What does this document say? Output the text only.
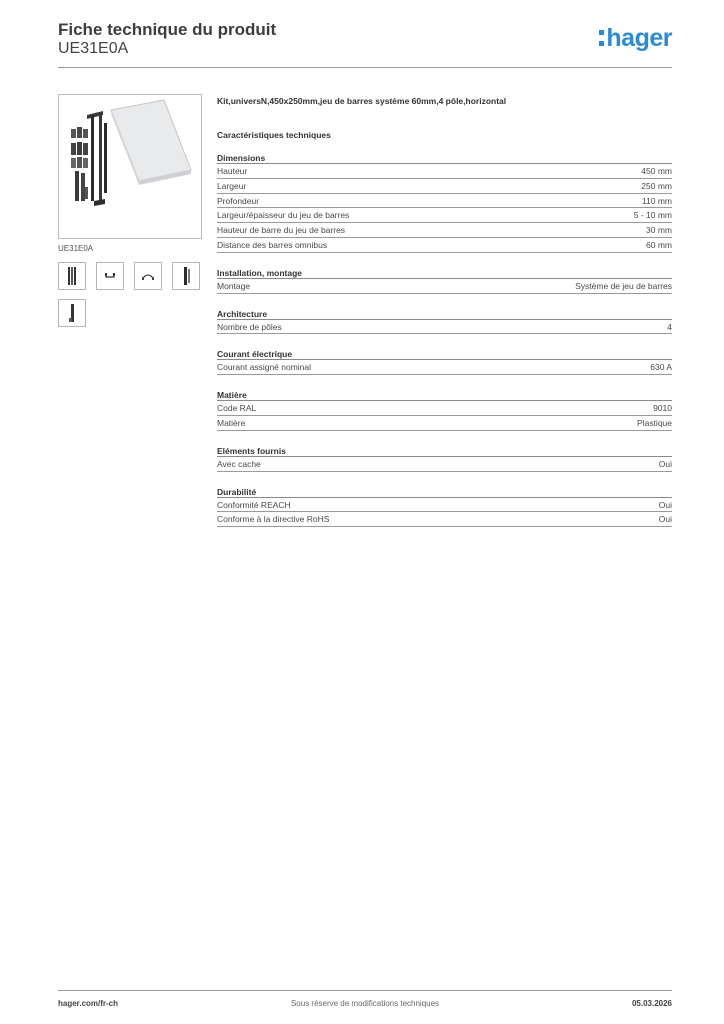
Fiche technique du produit
UE31E0A	hager
UE31E0A
Kit,universN,450x250mm,jeu de barres système 60mm,4 pôle,horizontal
Caractéristiques techniques
Dimensions
Hauteur	450 mm
Largeur	250 mm
Profondeur	110 mm
Largeur/épaisseur du jeu de barres	5 - 10 mm
Hauteur de barre du jeu de barres	30 mm
Distance des barres omnibus	60 mm
Installation, montage
Montage	Système de jeu de barres
Architecture
Nombre de pôles	4
Courant électrique
Courant assigné nominal	630 A
Matière
Code RAL	9010
Matière	Plastique
Eléments fournis
Avec cache	Oui
Durabilité
Conformité REACH	Oui
Conforme à la directive RoHS	Oui
hager.com/fr-ch	Sous réserve de modifications techniques	05.03.2026
